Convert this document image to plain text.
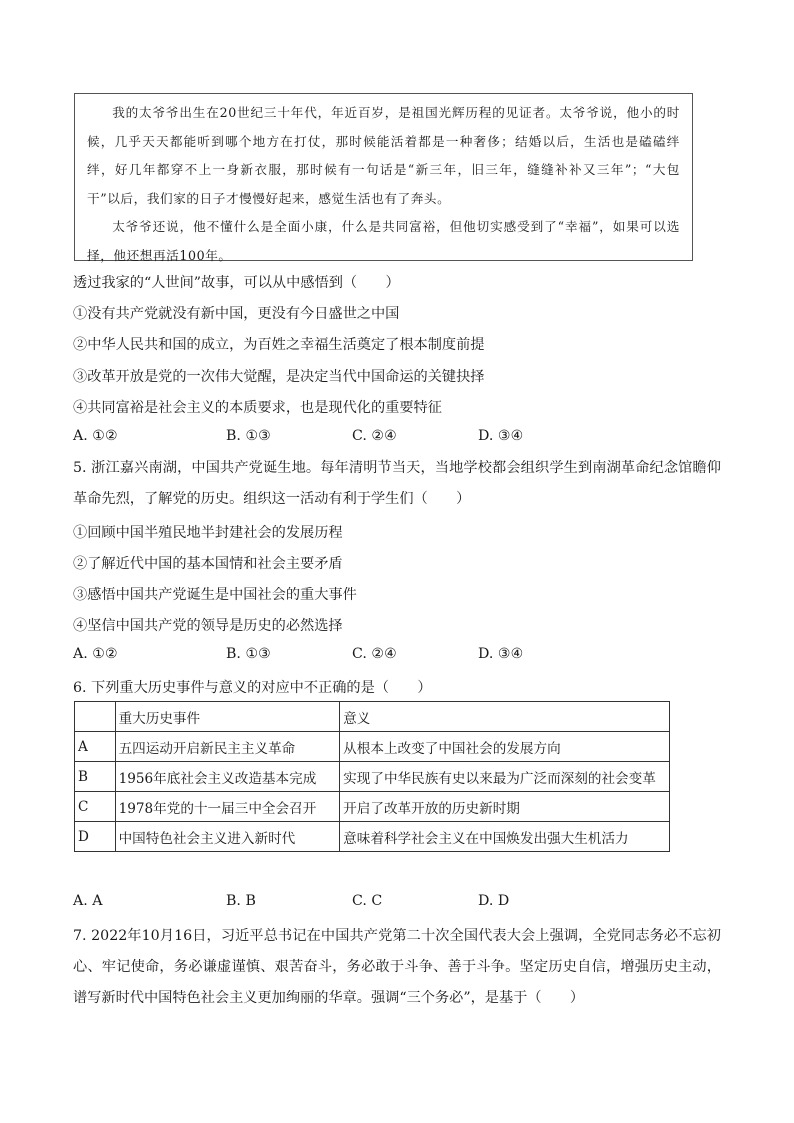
我的太爷爷出生在20世纪三十年代，年近百岁，是祖国光辉历程的见证者。太爷爷说，他小的时候，几乎天天都能听到哪个地方在打仗，那时候能活着都是一种奢侈；结婚以后，生活也是磕磕绊绊，好几年都穿不上一身新衣服，那时候有一句话是“新三年，旧三年，缝缝补补又三年”；“大包干”以后，我们家的日子才慢慢好起来，感觉生活也有了奔头。

太爷爷还说，他不懂什么是全面小康，什么是共同富裕，但他切实感受到了“幸福”，如果可以选择，他还想再活100年。

透过我家的“人世间”故事，可以从中感悟到（　　）
①没有共产党就没有新中国，更没有今日盛世之中国
②中华人民共和国的成立，为百姓之幸福生活奠定了根本制度前提
③改革开放是党的一次伟大觉醒，是决定当代中国命运的关键抉择
④共同富裕是社会主义的本质要求，也是现代化的重要特征
A. ①②	B. ①③	C. ②④	D. ③④
5. 浙江嘉兴南湖，中国共产党诞生地。每年清明节当天，当地学校都会组织学生到南湖革命纪念馆瞻仰革命先烈，了解党的历史。组织这一活动有利于学生们（　　）
①回顾中国半殖民地半封建社会的发展历程
②了解近代中国的基本国情和社会主要矛盾
③感悟中国共产党诞生是中国社会的重大事件
④坚信中国共产党的领导是历史的必然选择
A. ①②	B. ①③	C. ②④	D. ③④
6. 下列重大历史事件与意义的对应中不正确的是（　　）
	重大历史事件	意义
A	五四运动开启新民主主义革命	从根本上改变了中国社会的发展方向
B	1956年底社会主义改造基本完成	实现了中华民族有史以来最为广泛而深刻的社会变革
C	1978年党的十一届三中全会召开	开启了改革开放的历史新时期
D	中国特色社会主义进入新时代	意味着科学社会主义在中国焕发出强大生机活力
A. A	B. B	C. C	D. D
7. 2022年10月16日，习近平总书记在中国共产党第二十次全国代表大会上强调，全党同志务必不忘初心、牢记使命，务必谦虚谨慎、艰苦奋斗，务必敢于斗争、善于斗争。坚定历史自信，增强历史主动，谱写新时代中国特色社会主义更加绚丽的华章。强调“三个务必”，是基于（　　）
